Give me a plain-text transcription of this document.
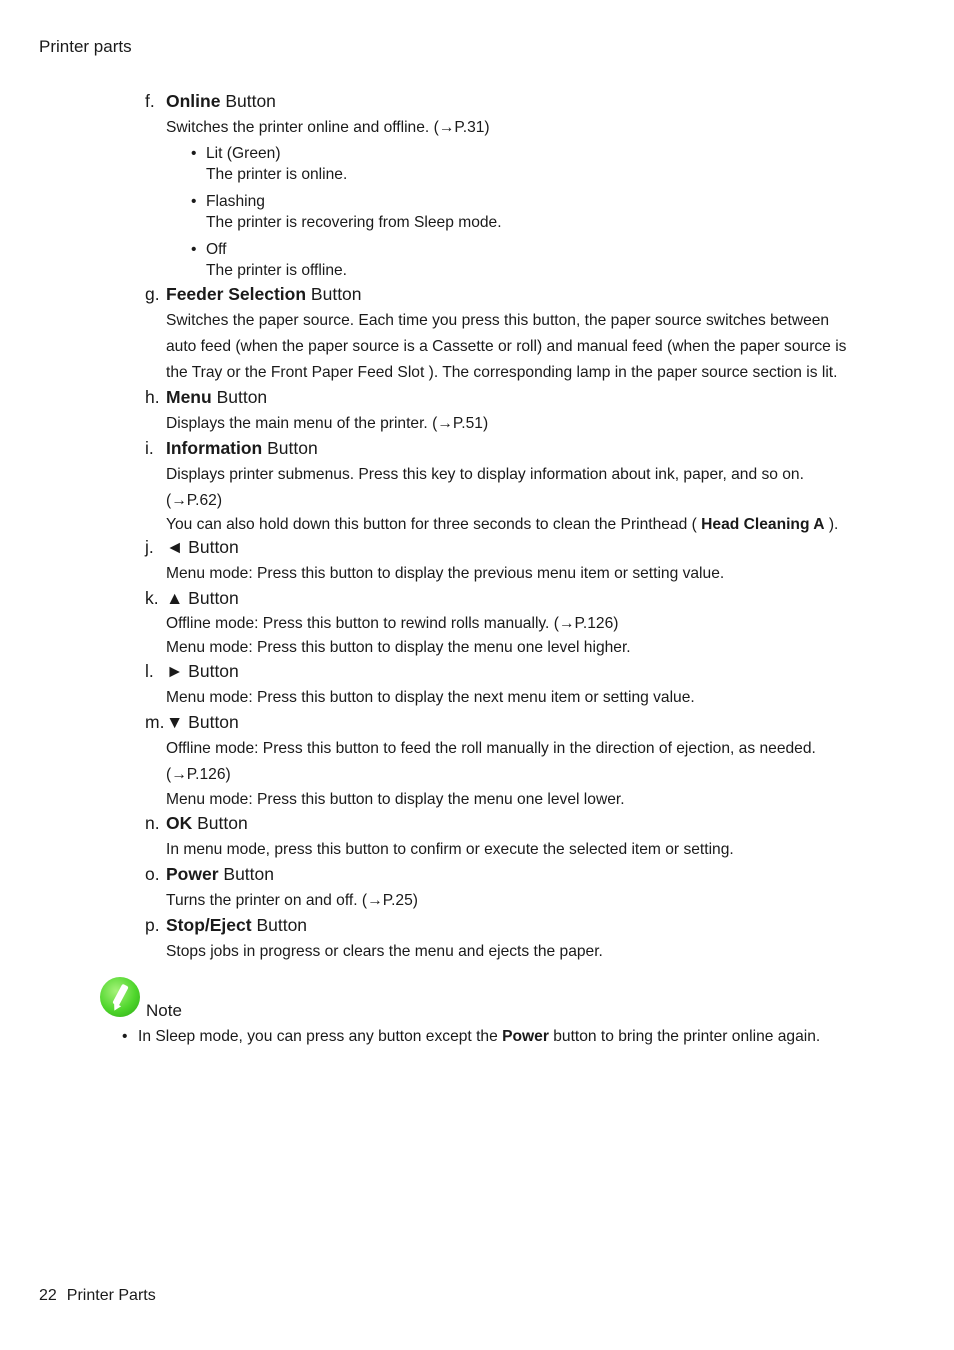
Printer parts
f. Online Button
Switches the printer online and offline. (→P.31)
• Lit (Green)
The printer is online.
• Flashing
The printer is recovering from Sleep mode.
• Off
The printer is offline.
g. Feeder Selection Button
Switches the paper source. Each time you press this button, the paper source switches between
auto feed (when the paper source is a Cassette or roll) and manual feed (when the paper source is
the Tray or the Front Paper Feed Slot ). The corresponding lamp in the paper source section is lit.
h. Menu Button
Displays the main menu of the printer. (→P.51)
i. Information Button
Displays printer submenus. Press this key to display information about ink, paper, and so on.
(→P.62)
You can also hold down this button for three seconds to clean the Printhead ( Head Cleaning A ).
j. ◄ Button
Menu mode: Press this button to display the previous menu item or setting value.
k. ▲ Button
Offline mode: Press this button to rewind rolls manually. (→P.126)
Menu mode: Press this button to display the menu one level higher.
l. ► Button
Menu mode: Press this button to display the next menu item or setting value.
m.▼ Button
Offline mode: Press this button to feed the roll manually in the direction of ejection, as needed.
(→P.126)
Menu mode: Press this button to display the menu one level lower.
n. OK Button
In menu mode, press this button to confirm or execute the selected item or setting.
o. Power Button
Turns the printer on and off. (→P.25)
p. Stop/Eject Button
Stops jobs in progress or clears the menu and ejects the paper.
Note
• In Sleep mode, you can press any button except the Power button to bring the printer online again.
22 Printer Parts
